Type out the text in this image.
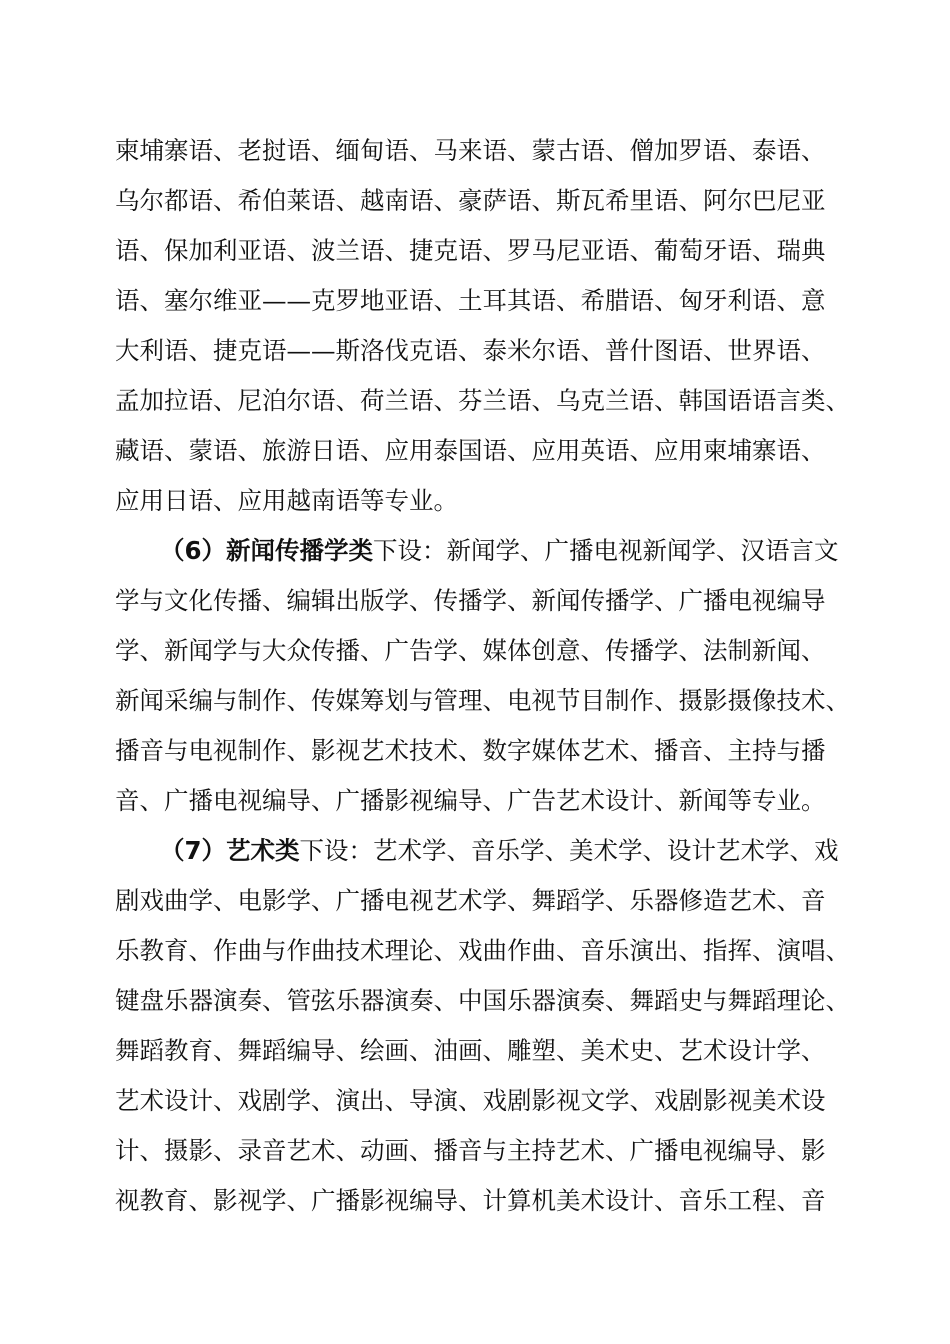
柬埔寨语、老挝语、缅甸语、马来语、蒙古语、僧加罗语、泰语、
乌尔都语、希伯莱语、越南语、豪萨语、斯瓦希里语、阿尔巴尼亚
语、保加利亚语、波兰语、捷克语、罗马尼亚语、葡萄牙语、瑞典
语、塞尔维亚——克罗地亚语、土耳其语、希腊语、匈牙利语、意
大利语、捷克语——斯洛伐克语、泰米尔语、普什图语、世界语、
孟加拉语、尼泊尔语、荷兰语、芬兰语、乌克兰语、韩国语语言类、
藏语、蒙语、旅游日语、应用泰国语、应用英语、应用柬埔寨语、
应用日语、应用越南语等专业。
（6）新闻传播学类下设：新闻学、广播电视新闻学、汉语言文
学与文化传播、编辑出版学、传播学、新闻传播学、广播电视编导
学、新闻学与大众传播、广告学、媒体创意、传播学、法制新闻、
新闻采编与制作、传媒筹划与管理、电视节目制作、摄影摄像技术、
播音与电视制作、影视艺术技术、数字媒体艺术、播音、主持与播
音、广播电视编导、广播影视编导、广告艺术设计、新闻等专业。
（7）艺术类下设：艺术学、音乐学、美术学、设计艺术学、戏
剧戏曲学、电影学、广播电视艺术学、舞蹈学、乐器修造艺术、音
乐教育、作曲与作曲技术理论、戏曲作曲、音乐演出、指挥、演唱、
键盘乐器演奏、管弦乐器演奏、中国乐器演奏、舞蹈史与舞蹈理论、
舞蹈教育、舞蹈编导、绘画、油画、雕塑、美术史、艺术设计学、
艺术设计、戏剧学、演出、导演、戏剧影视文学、戏剧影视美术设
计、摄影、录音艺术、动画、播音与主持艺术、广播电视编导、影
视教育、影视学、广播影视编导、计算机美术设计、音乐工程、音
